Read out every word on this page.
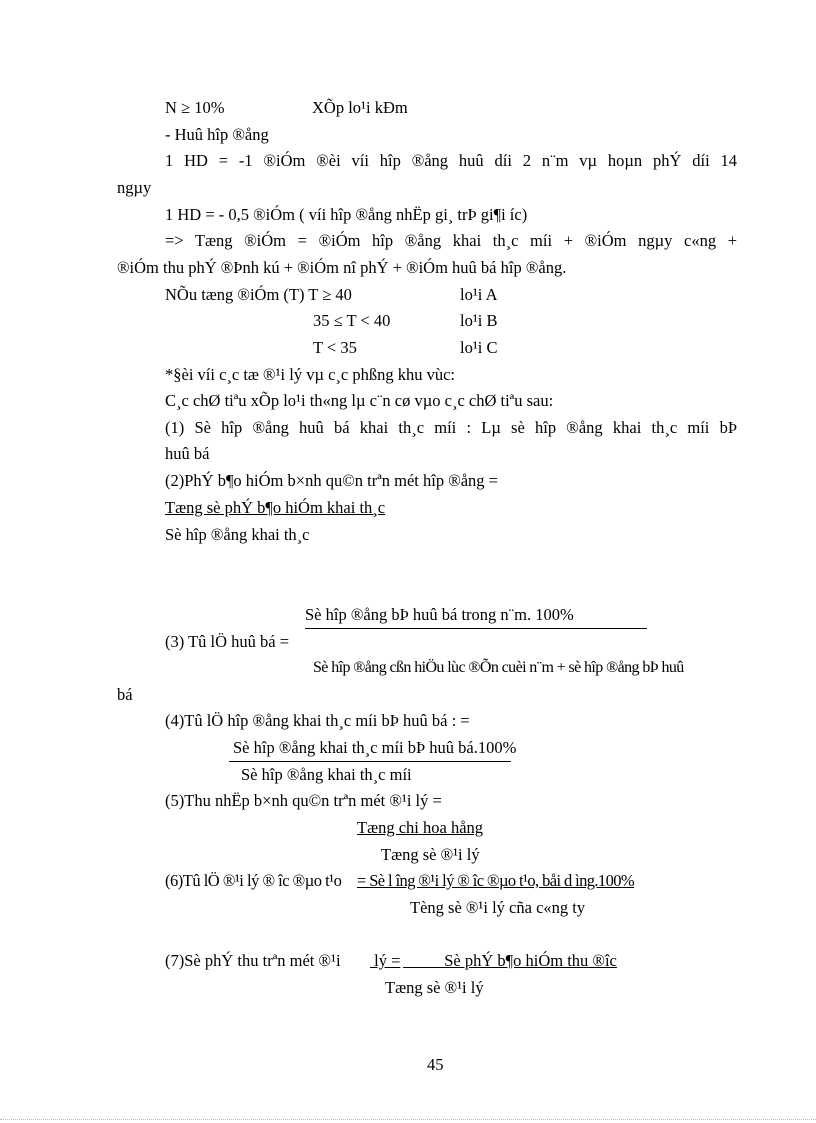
N ≥ 10%	XÕp lo¹i kÐm
- Huû hîp ®ång
1 HD = -1 ®iÓm ®èi víi hîp ®ång huû díi 2 n¨m vµ hoµn phÝ díi 14
ngµy
1 HD = - 0,5 ®iÓm ( víi hîp ®ång nhËp gi¸ trÞ gi¶i íc)
=> Tæng ®iÓm = ®iÓm hîp ®ång khai th¸c míi + ®iÓm ngµy c«ng +
®iÓm thu phÝ ®Þnh kú + ®iÓm nî phÝ + ®iÓm huû bá hîp ®ång.
NÕu tæng ®iÓm (T) T ≥ 40	lo¹i A
35 ≤ T < 40	lo¹i B
T < 35	lo¹i C
*§èi víi c¸c tæ ®¹i lý vµ c¸c phßng khu vùc:
C¸c chØ tiªu xÕp lo¹i th«ng lµ c¨n cø vµo c¸c chØ tiªu sau:
(1) Sè hîp ®ång huû bá khai th¸c míi : Lµ sè hîp ®ång khai th¸c míi bÞ
huû bá
(2)PhÝ b¶o hiÓm b×nh qu©n trªn mét hîp ®ång =
Tæng sè phÝ b¶o hiÓm khai th¸c
Sè hîp ®ång khai th¸c
Sè hîp ®ång bÞ huû bá trong n¨m. 100%
(3) Tû lÖ huû bá =
Sè hîp ®ång cßn hiÖu lùc ®Õn cuèi n¨m + sè hîp ®ång bÞ huû
bá
(4)Tû lÖ hîp ®ång khai th¸c míi bÞ huû bá : =
Sè hîp ®ång khai th¸c míi bÞ huû bá.100%
Sè hîp ®ång khai th¸c míi
(5)Thu nhËp b×nh qu©n trªn mét ®¹i lý =
Tæng chi hoa hång
Tæng sè ®¹i lý
(6)Tû lÖ ®¹i lý ® îc ®µo t¹o = Sè l îng ®¹i lý ® îc ®µo t¹o, båi d ìng.100%
Tèng sè ®¹i lý cña c«ng ty
(7)Sè phÝ thu trªn mét ®¹i lý = Sè phÝ b¶o hiÓm thu ®îc
Tæng sè ®¹i lý
45
